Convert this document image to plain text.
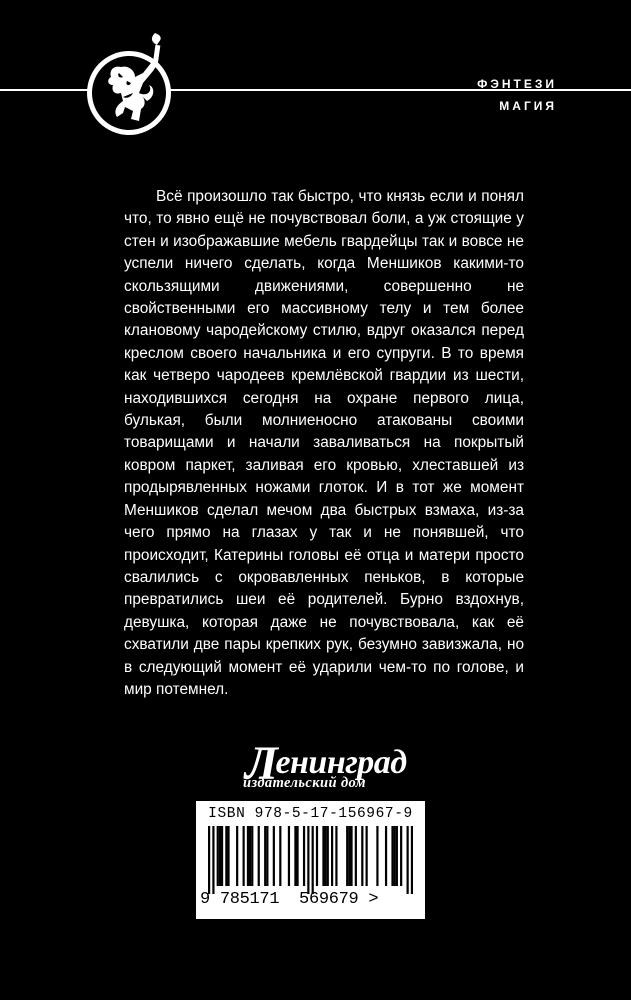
ФЭНТЕЗИ
МАГИЯ

Всё произошло так быстро, что князь если и понял что, то явно ещё не почувствовал боли, а уж стоящие у стен и изображавшие мебель гвардейцы так и вовсе не успели ничего сделать, когда Меншиков какими-то скользящими движениями, совершенно не свойственными его массивному телу и тем более клановому чародейскому стилю, вдруг оказался перед креслом своего начальника и его супруги. В то время как четверо чародеев кремлёвской гвардии из шести, находившихся сегодня на охране первого лица, булькая, были молниеносно атакованы своими товарищами и начали заваливаться на покрытый ковром паркет, заливая его кровью, хлеставшей из продырявленных ножами глоток. И в тот же момент Меншиков сделал мечом два быстрых взмаха, из-за чего прямо на глазах у так и не понявшей, что происходит, Катерины головы её отца и матери просто свалились с окровавленных пеньков, в которые превратились шеи её родителей. Бурно вздохнув, девушка, которая даже не почувствовала, как её схватили две пары крепких рук, безумно завизжала, но в следующий момент её ударили чем-то по голове, и мир потемнел.

Ленинград
издательский дом
ISBN 978-5-17-156967-9
9 785171 569679 >
